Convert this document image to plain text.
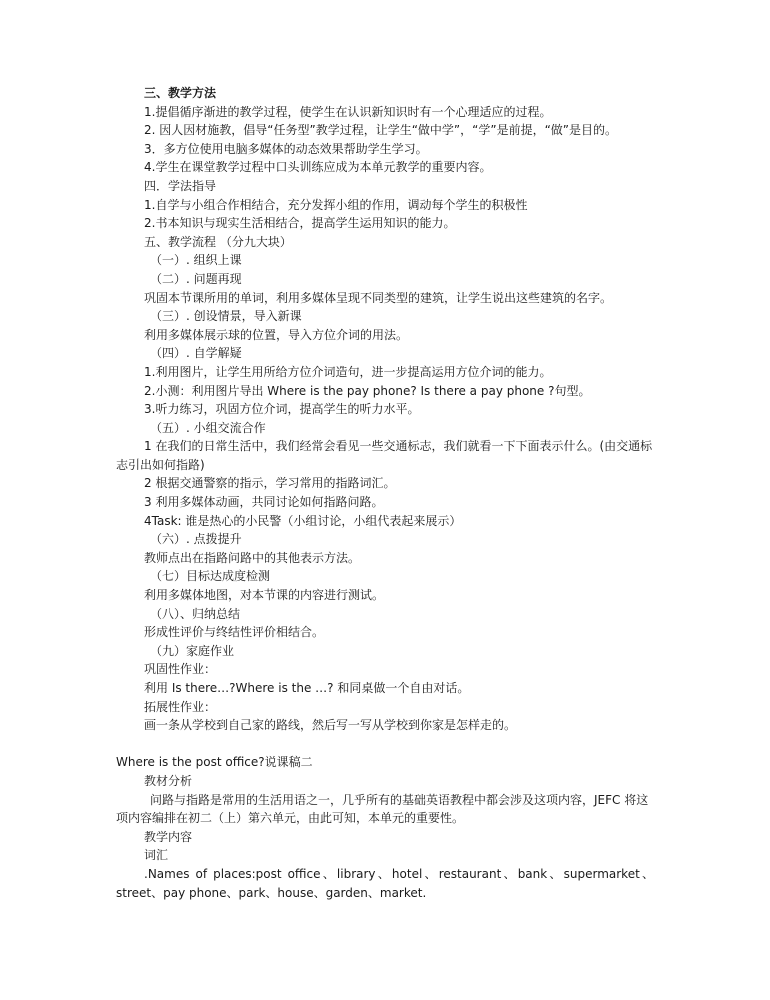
三、教学方法

1.提倡循序渐进的教学过程，使学生在认识新知识时有一个心理适应的过程。

2. 因人因材施教，倡导“任务型”教学过程，让学生“做中学”，“学”是前提，“做”是目的。

3．多方位使用电脑多媒体的动态效果帮助学生学习。

4.学生在课堂教学过程中口头训练应成为本单元教学的重要内容。

四．学法指导

1.自学与小组合作相结合，充分发挥小组的作用，调动每个学生的积极性

2.书本知识与现实生活相结合，提高学生运用知识的能力。

五、教学流程 （分九大块）

（一）. 组织上课

（二）. 问题再现

巩固本节课所用的单词，利用多媒体呈现不同类型的建筑，让学生说出这些建筑的名字。

（三）. 创设情景，导入新课

利用多媒体展示球的位置，导入方位介词的用法。

（四）. 自学解疑

1.利用图片，让学生用所给方位介词造句，进一步提高运用方位介词的能力。

2.小测：利用图片导出 Where is the pay phone? Is there a pay phone ?句型。

3.听力练习，巩固方位介词，提高学生的听力水平。

（五）. 小组交流合作

1 在我们的日常生活中，我们经常会看见一些交通标志，我们就看一下下面表示什么。(由交通标志引出如何指路)

2 根据交通警察的指示，学习常用的指路词汇。

3 利用多媒体动画，共同讨论如何指路问路。

4Task: 谁是热心的小民警（小组讨论，小组代表起来展示）

（六）. 点拨提升

教师点出在指路问路中的其他表示方法。

（七）目标达成度检测

利用多媒体地图，对本节课的内容进行测试。

（八）、归纳总结

形成性评价与终结性评价相结合。

（九）家庭作业

巩固性作业：

利用 Is there…?Where is the …? 和同桌做一个自由对话。

拓展性作业：

画一条从学校到自己家的路线，然后写一写从学校到你家是怎样走的。

Where is the post office?说课稿二

教材分析

问路与指路是常用的生活用语之一，几乎所有的基础英语教程中都会涉及这项内容，JEFC 将这项内容编排在初二（上）第六单元，由此可知，本单元的重要性。

教学内容

词汇

.Names of places:post office、library、hotel、restaurant、bank、supermarket、

street、pay phone、park、house、garden、market.
